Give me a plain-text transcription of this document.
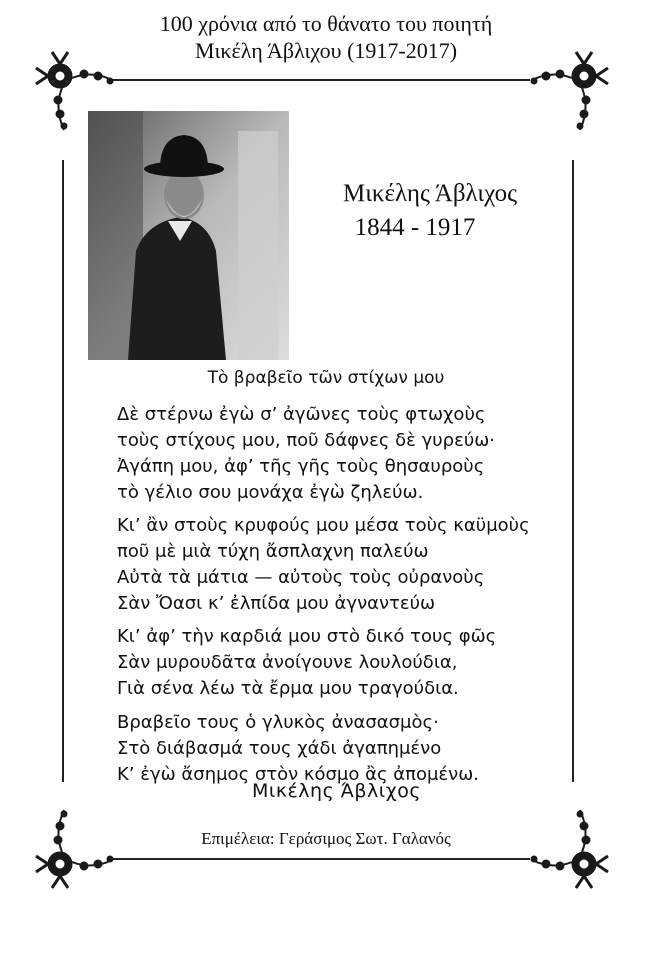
100 χρόνια από το θάνατο του ποιητή
Μικέλη Άβλιχου (1917-2017)
Μικέλης Άβλιχος
1844 - 1917
Τὸ βραβεῖο τῶν στίχων μου
Δὲ στέρνω ἐγὼ σ’ ἀγῶνες τοὺς φτωχοὺς
τοὺς στίχους μου, ποῦ δάφνες δὲ γυρεύω·
Ἀγάπη μου, ἀφ’ τῆς γῆς τοὺς θησαυροὺς
τὸ γέλιο σου μονάχα ἐγὼ ζηλεύω.
Κι’ ἂν στοὺς κρυφούς μου μέσα τοὺς καϋμοὺς
ποῦ μὲ μιὰ τύχη ἄσπλαχνη παλεύω
Αὐτὰ τὰ μάτια — αὐτοὺς τοὺς οὐρανοὺς
Σὰν Ὄασι κ’ ἐλπίδα μου ἀγναντεύω
Κι’ ἀφ’ τὴν καρδιά μου στὸ δικό τους φῶς
Σὰν μυρουδᾶτα ἀνοίγουνε λουλούδια,
Γιὰ σένα λέω τὰ ἔρμα μου τραγούδια.
Βραβεῖο τους ὁ γλυκὸς ἀνασασμὸς·
Στὸ διάβασμά τους χάδι ἀγαπημένο
Κ’ ἐγὼ ἄσημος στὸν κόσμο ἂς ἀπομένω.
Μικέλης Άβλιχος
Επιμέλεια: Γεράσιμος Σωτ. Γαλανός
